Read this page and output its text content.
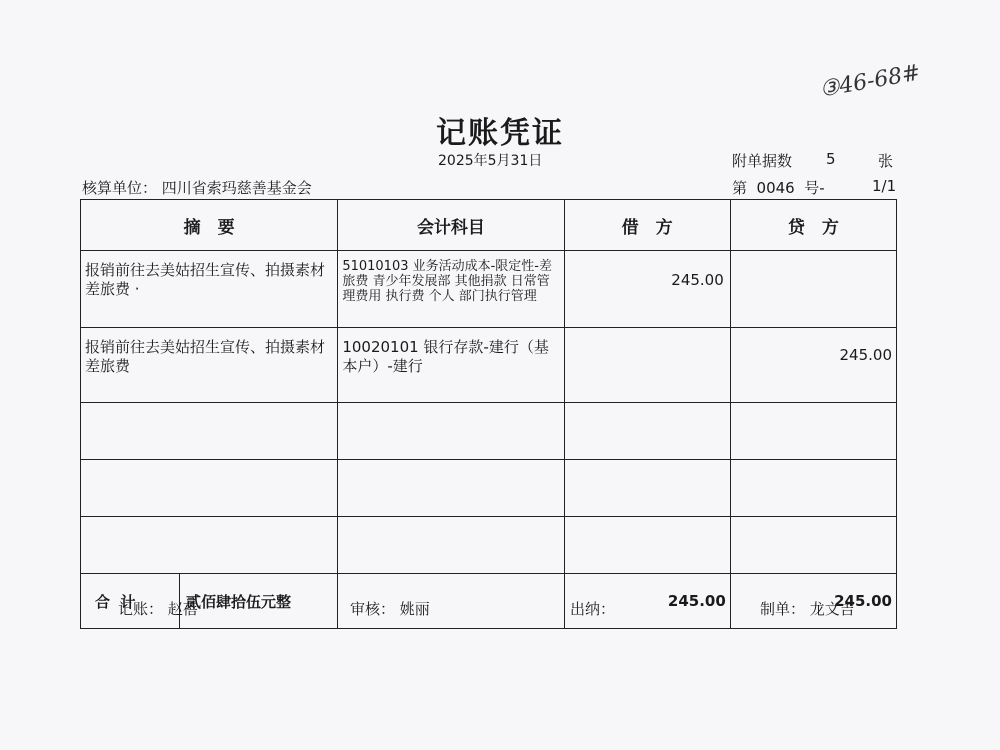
③46-68#
记账凭证
2025年5月31日	附单据数 5	张
核算单位： 四川省索玛慈善基金会	第  0046  号-	1/1
摘　要	会计科目	借　方	贷　方
报销前往去美姑招生宣传、拍摄素材差旅费 ·	51010103 业务活动成本-限定性-差旅费 青少年发展部 其他捐款 日常管理费用 执行费 个人 部门执行管理	245.00	
报销前往去美姑招生宣传、拍摄素材差旅费	10020101 银行存款-建行（基本户）-建行		245.00

合  计 贰佰肆拾伍元整		245.00	245.00
记账： 赵蓓	审核： 姚丽	出纳：	制单： 龙文吉
